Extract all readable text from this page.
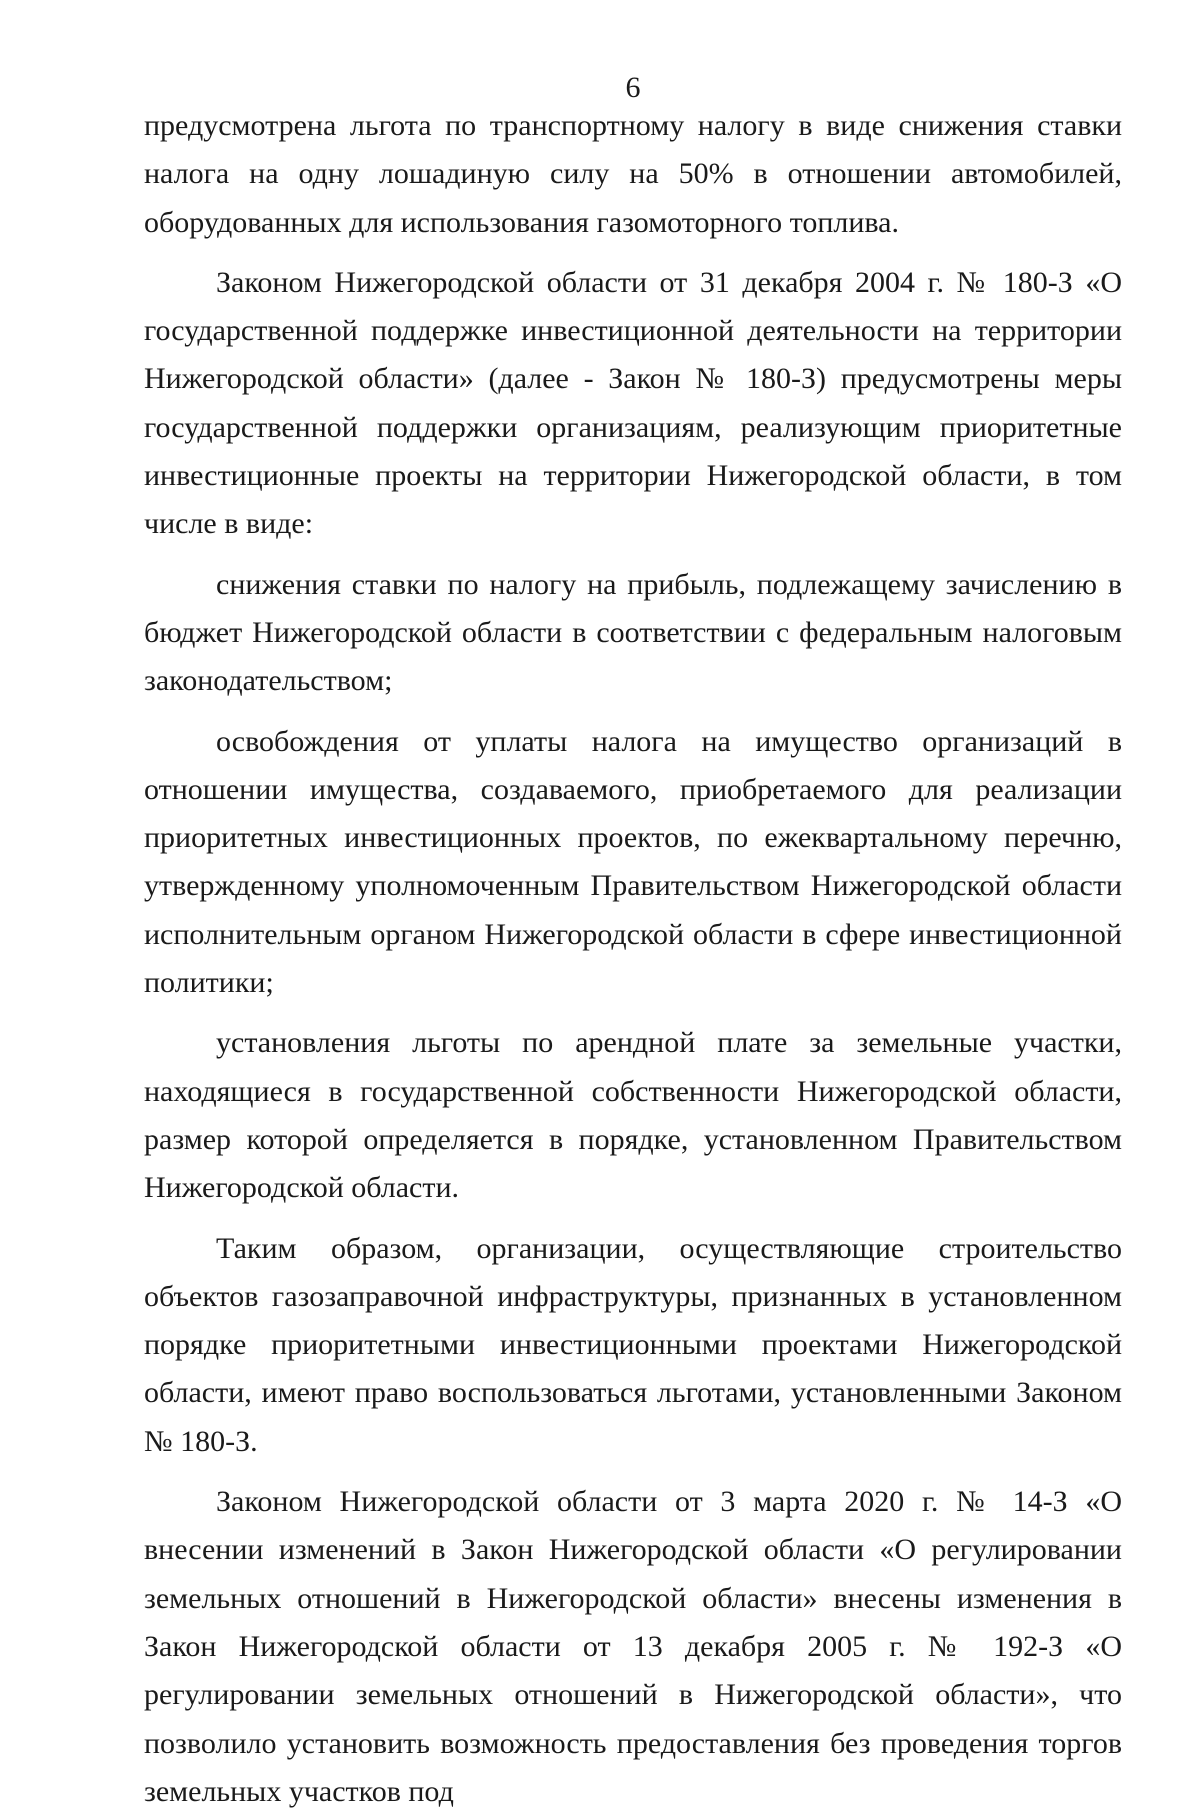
6

предусмотрена льгота по транспортному налогу в виде снижения ставки налога на одну лошадиную силу на 50% в отношении автомобилей, оборудованных для использования газомоторного топлива.

Законом Нижегородской области от 31 декабря 2004 г. № 180-З «О государственной поддержке инвестиционной деятельности на территории Нижегородской области» (далее - Закон № 180-З) предусмотрены меры государственной поддержки организациям, реализующим приоритетные инвестиционные проекты на территории Нижегородской области, в том числе в виде:

снижения ставки по налогу на прибыль, подлежащему зачислению в бюджет Нижегородской области в соответствии с федеральным налоговым законодательством;

освобождения от уплаты налога на имущество организаций в отношении имущества, создаваемого, приобретаемого для реализации приоритетных инвестиционных проектов, по ежеквартальному перечню, утвержденному уполномоченным Правительством Нижегородской области исполнительным органом Нижегородской области в сфере инвестиционной политики;

установления льготы по арендной плате за земельные участки, находящиеся в государственной собственности Нижегородской области, размер которой определяется в порядке, установленном Правительством Нижегородской области.

Таким образом, организации, осуществляющие строительство объектов газозаправочной инфраструктуры, признанных в установленном порядке приоритетными инвестиционными проектами Нижегородской области, имеют право воспользоваться льготами, установленными Законом № 180-З.

Законом Нижегородской области от 3 марта 2020 г. № 14-З «О внесении изменений в Закон Нижегородской области «О регулировании земельных отношений в Нижегородской области» внесены изменения в Закон Нижегородской области от 13 декабря 2005 г. № 192-З «О регулировании земельных отношений в Нижегородской области», что позволило установить возможность предоставления без проведения торгов земельных участков под
